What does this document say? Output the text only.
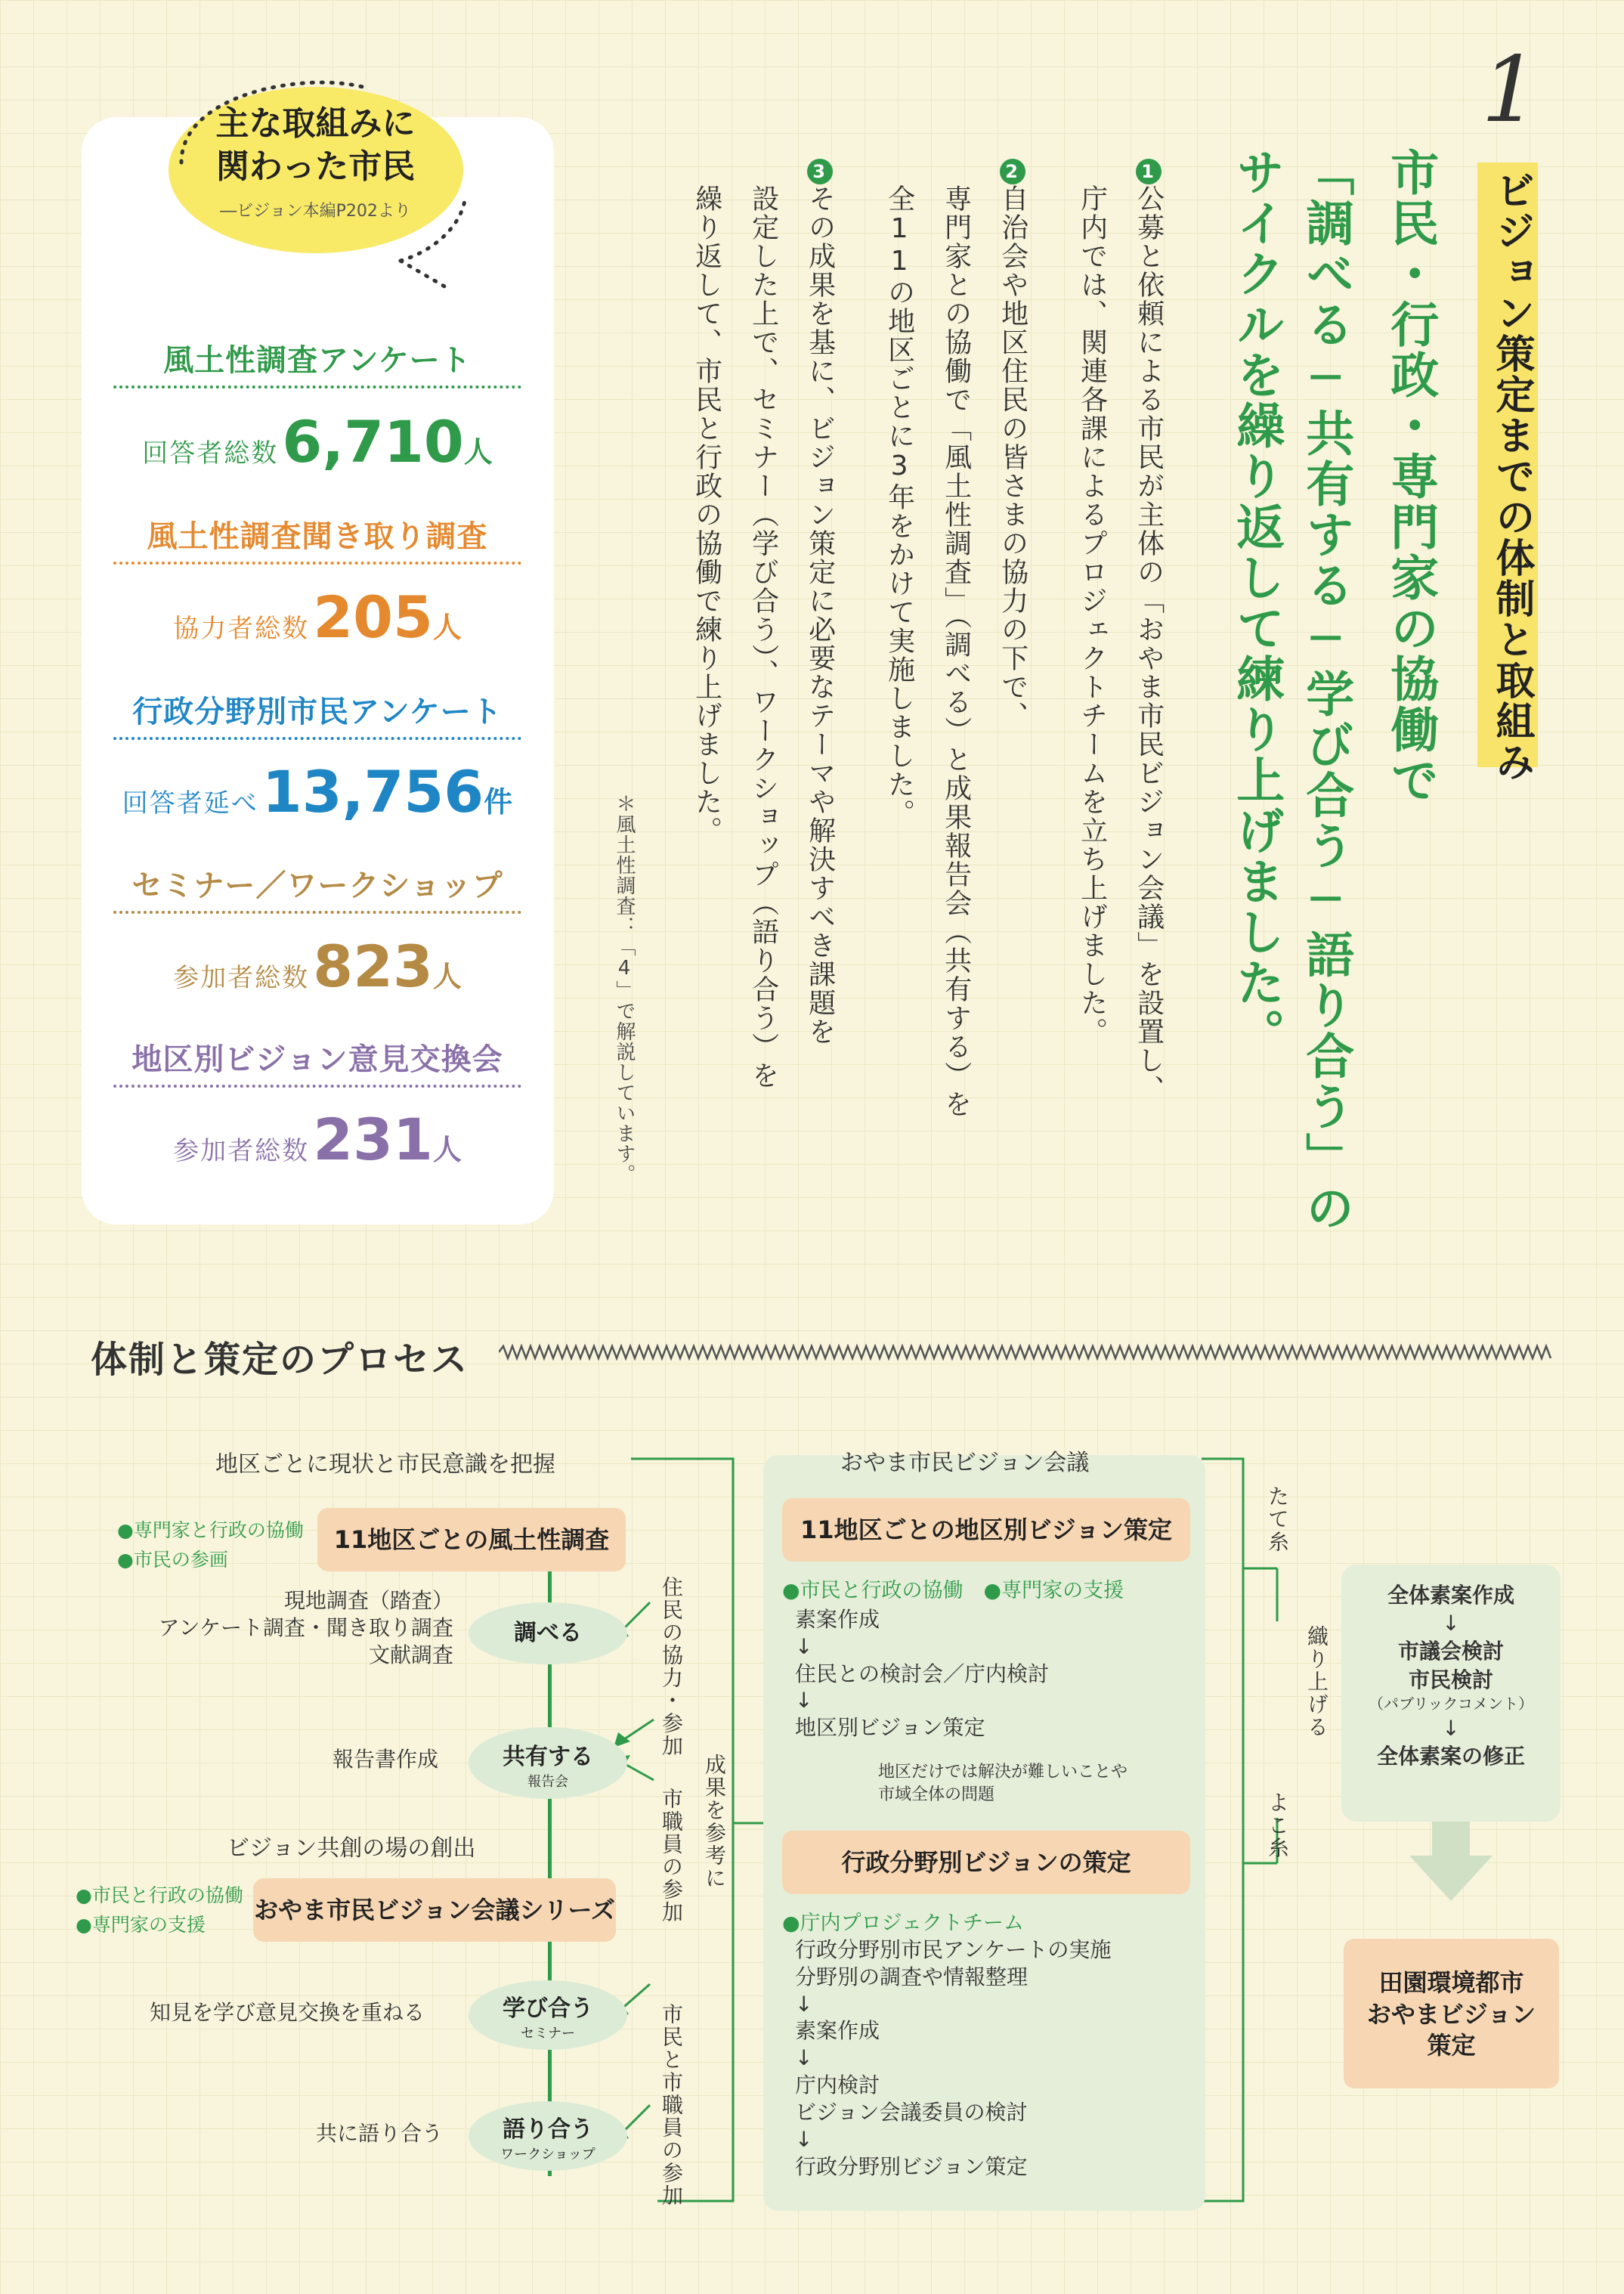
1
ビジョン策定までの体制と取組み
市民・行政・専門家の協働で
「調べる─共有する─学び合う─語り合う」の
サイクルを繰り返して練り上げました。
1公募と依頼による市民が主体の「おやま市民ビジョン会議」を設置し、
庁内では、関連各課によるプロジェクトチームを立ち上げました。
2自治会や地区住民の皆さまの協力の下で、
専門家との協働で「風土性調査」（調べる）と成果報告会（共有する）を
全11の地区ごとに3年をかけて実施しました。
3その成果を基に、ビジョン策定に必要なテーマや解決すべき課題を
設定した上で、セミナー（学び合う）、ワークショップ（語り合う）を
繰り返して、市民と行政の協働で練り上げました。
＊風土性調査：「4」で解説しています。
主な取組みに
関わった市民
―ビジョン本編P202より
風土性調査アンケート
回答者総数 6,710人
風土性調査聞き取り調査
協力者総数 205人
行政分野別市民アンケート
回答者延べ 13,756件
セミナー／ワークショップ
参加者総数 823人
地区別ビジョン意見交換会
参加者総数 231人
体制と策定のプロセス
地区ごとに現状と市民意識を把握
●専門家と行政の協働
●市民の参画
11地区ごとの風土性調査
現地調査（踏査）
アンケート調査・聞き取り調査
文献調査
調べる
報告書作成	共有する
報告会
ビジョン共創の場の創出
●市民と行政の協働
●専門家の支援
おやま市民ビジョン会議シリーズ
知見を学び意見交換を重ねる	学び合う
セミナー
共に語り合う	語り合う
ワークショップ
住民の協力・参加
市職員の参加
市民と市職員の参加
成果を参考に
おやま市民ビジョン会議
11地区ごとの地区別ビジョン策定
●市民と行政の協働　●専門家の支援
素案作成
↓
住民との検討会／庁内検討
↓
地区別ビジョン策定
地区だけでは解決が難しいことや
市域全体の問題
行政分野別ビジョンの策定
●庁内プロジェクトチーム
行政分野別市民アンケートの実施
分野別の調査や情報整理
↓
素案作成
↓
庁内検討
ビジョン会議委員の検討
↓
行政分野別ビジョン策定
たて糸
織り上げる
よこ糸
全体素案作成
↓
市議会検討
市民検討
（パブリックコメント）
↓
全体素案の修正
田園環境都市
おやまビジョン
策定
